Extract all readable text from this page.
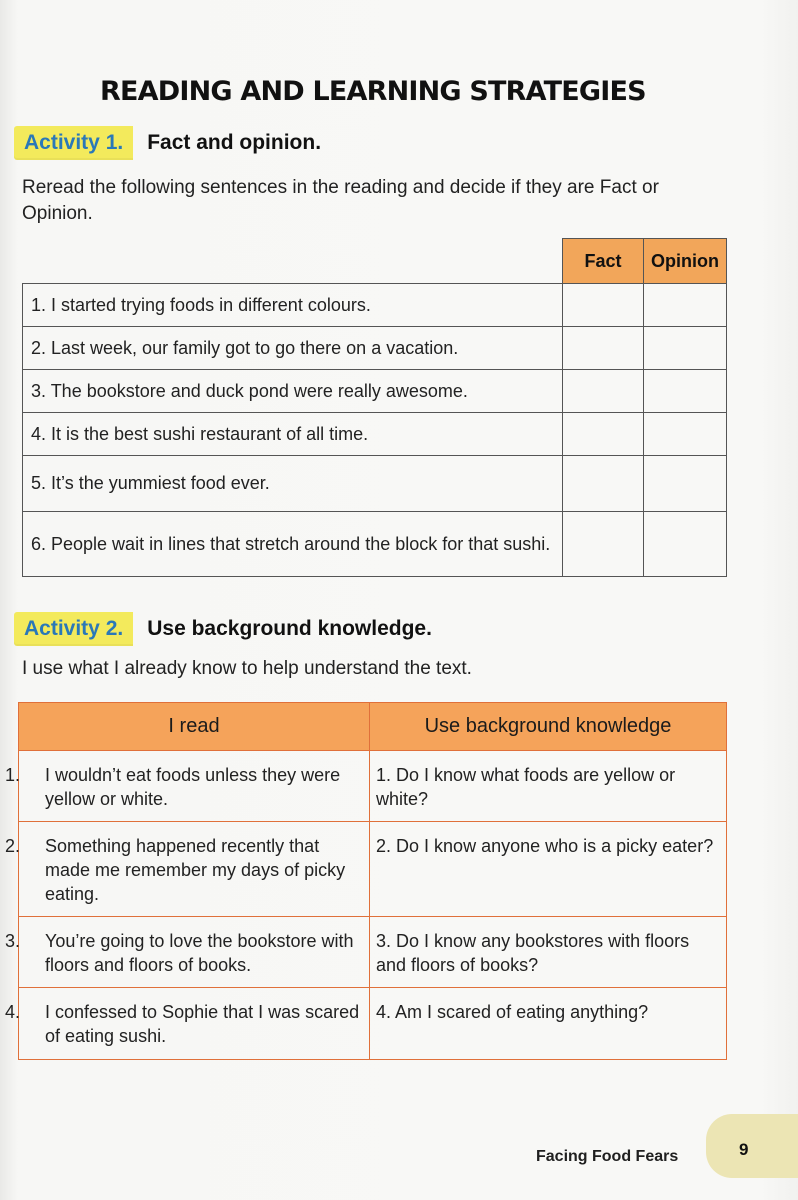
READING AND LEARNING STRATEGIES
Activity 1.	Fact and opinion.
Reread the following sentences in the reading and decide if they are Fact or Opinion.
	Fact	Opinion
1. I started trying foods in different colours.		
2. Last week, our family got to go there on a vacation.		
3. The bookstore and duck pond were really awesome.		
4. It is the best sushi restaurant of all time.		
5. It’s the yummiest food ever.		
6. People wait in lines that stretch around the block for that sushi.		
Activity 2.	Use background knowledge.
I use what I already know to help understand the text.
I read	Use background knowledge

1. I wouldn’t eat foods unless they were yellow or white.	1. Do I know what foods are yellow or white?

2. Something happened recently that made me remember my days of picky eating.	2. Do I know anyone who is a picky eater?

3. You’re going to love the bookstore with floors and floors of books.	3. Do I know any bookstores with floors and floors of books?

4. I confessed to Sophie that I was scared of eating sushi.	4. Am I scared of eating anything?
Facing Food Fears	9
